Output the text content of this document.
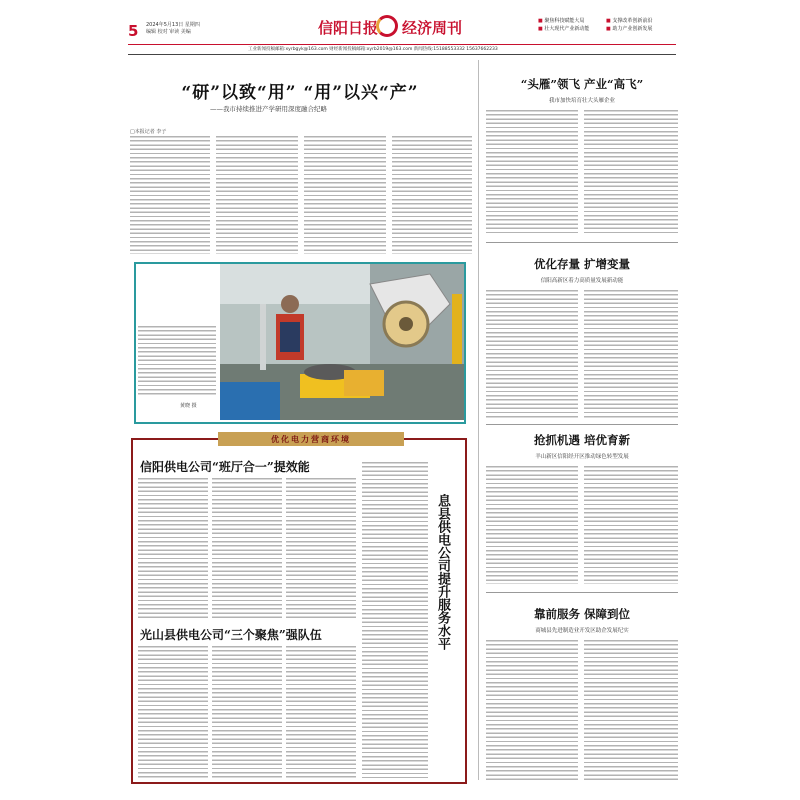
5 2024年5月13日 星期四
编辑 校对 审读 美编	信阳日报 经济周刊	■ 聚焦科技赋能大局	■ 支撑改革创新前沿 ■ 壮大现代产业新动能	■ 助力产业创新发展
工业新闻投稿邮箱:xyrbgyk@163.com 财经新闻投稿邮箱:xyrb2019@163.com 新闻热线:15188553332 15637662233
“研”以致“用” “用”以兴“产”
——我市持续推进产学研用深度融合纪略
□本报记者 李子
黄晓 摄
优化电力营商环境
信阳供电公司“班厅合一”提效能
光山县供电公司“三个聚焦”强队伍	息县供电公司提升服务水平
“头雁”领飞 产业“高飞”
我市加快培育壮大头雁企业
优化存量 扩增变量
信阳高新区着力高质量发展新动能
抢抓机遇 培优育新
羊山新区信阳经开区推动绿色转型发展
靠前服务 保障到位
商城县先进制造业开发区助企发展纪实
